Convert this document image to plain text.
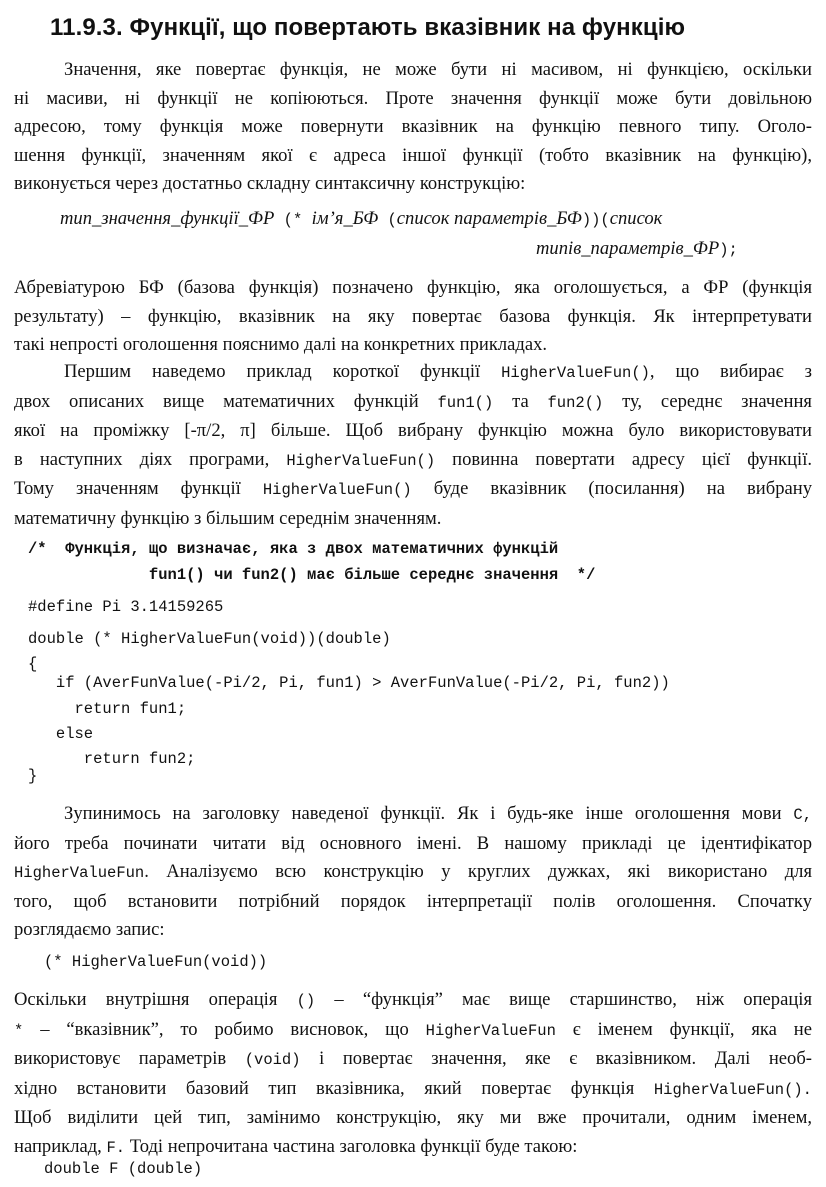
11.9.3. Функції, що повертають вказівник на функцію
Значення, яке повертає функція, не може бути ні масивом, ні функцією, оскільки
ні масиви, ні функції не копіюються. Проте значення функції може бути довільною
адресою, тому функція може повернути вказівник на функцію певного типу. Оголо-
шення функції, значенням якої є адреса іншої функції (тобто вказівник на функцію),
виконується через достатньо складну синтаксичну конструкцію:
тип_значення_функції_ФР (* ім’я_БФ (список параметрів_БФ))(список
типів_параметрів_ФР);
Абревіатурою БФ (базова функція) позначено функцію, яка оголошується, а ФР (функція
результату) – функцію, вказівник на яку повертає базова функція. Як інтерпретувати
такі непрості оголошення пояснимо далі на конкретних прикладах.
Першим наведемо приклад короткої функції HigherValueFun(), що вибирає з
двох описаних вище математичних функцій fun1() та fun2() ту, середнє значення
якої на проміжку [-π/2, π] більше. Щоб вибрану функцію можна було використовувати
в наступних діях програми, HigherValueFun() повинна повертати адресу цієї функції.
Тому значенням функції HigherValueFun() буде вказівник (посилання) на вибрану
математичну функцію з більшим середнім значенням.
/*  Функція, що визначає, яка з двох математичних функцій
fun1() чи fun2() має більше середнє значення  */
#define Pi 3.14159265
double (* HigherValueFun(void))(double)
{
if (AverFunValue(-Pi/2, Pi, fun1) > AverFunValue(-Pi/2, Pi, fun2))
return fun1;
else
return fun2;
}
Зупинимось на заголовку наведеної функції. Як і будь-яке інше оголошення мови C,
його треба починати читати від основного імені. В нашому прикладі це ідентифікатор
HigherValueFun. Аналізуємо всю конструкцію у круглих дужках, які використано для
того, щоб встановити потрібний порядок інтерпретації полів оголошення. Спочатку
розглядаємо запис:
(* HigherValueFun(void))
Оскільки внутрішня операція () – “функція” має вище старшинство, ніж операція
* – “вказівник”, то робимо висновок, що HigherValueFun є іменем функції, яка не
використовує параметрів (void) і повертає значення, яке є вказівником. Далі необ-
хідно встановити базовий тип вказівника, який повертає функція HigherValueFun().
Щоб виділити цей тип, замінимо конструкцію, яку ми вже прочитали, одним іменем,
наприклад, F. Тоді непрочитана частина заголовка функції буде такою:
double F (double)
